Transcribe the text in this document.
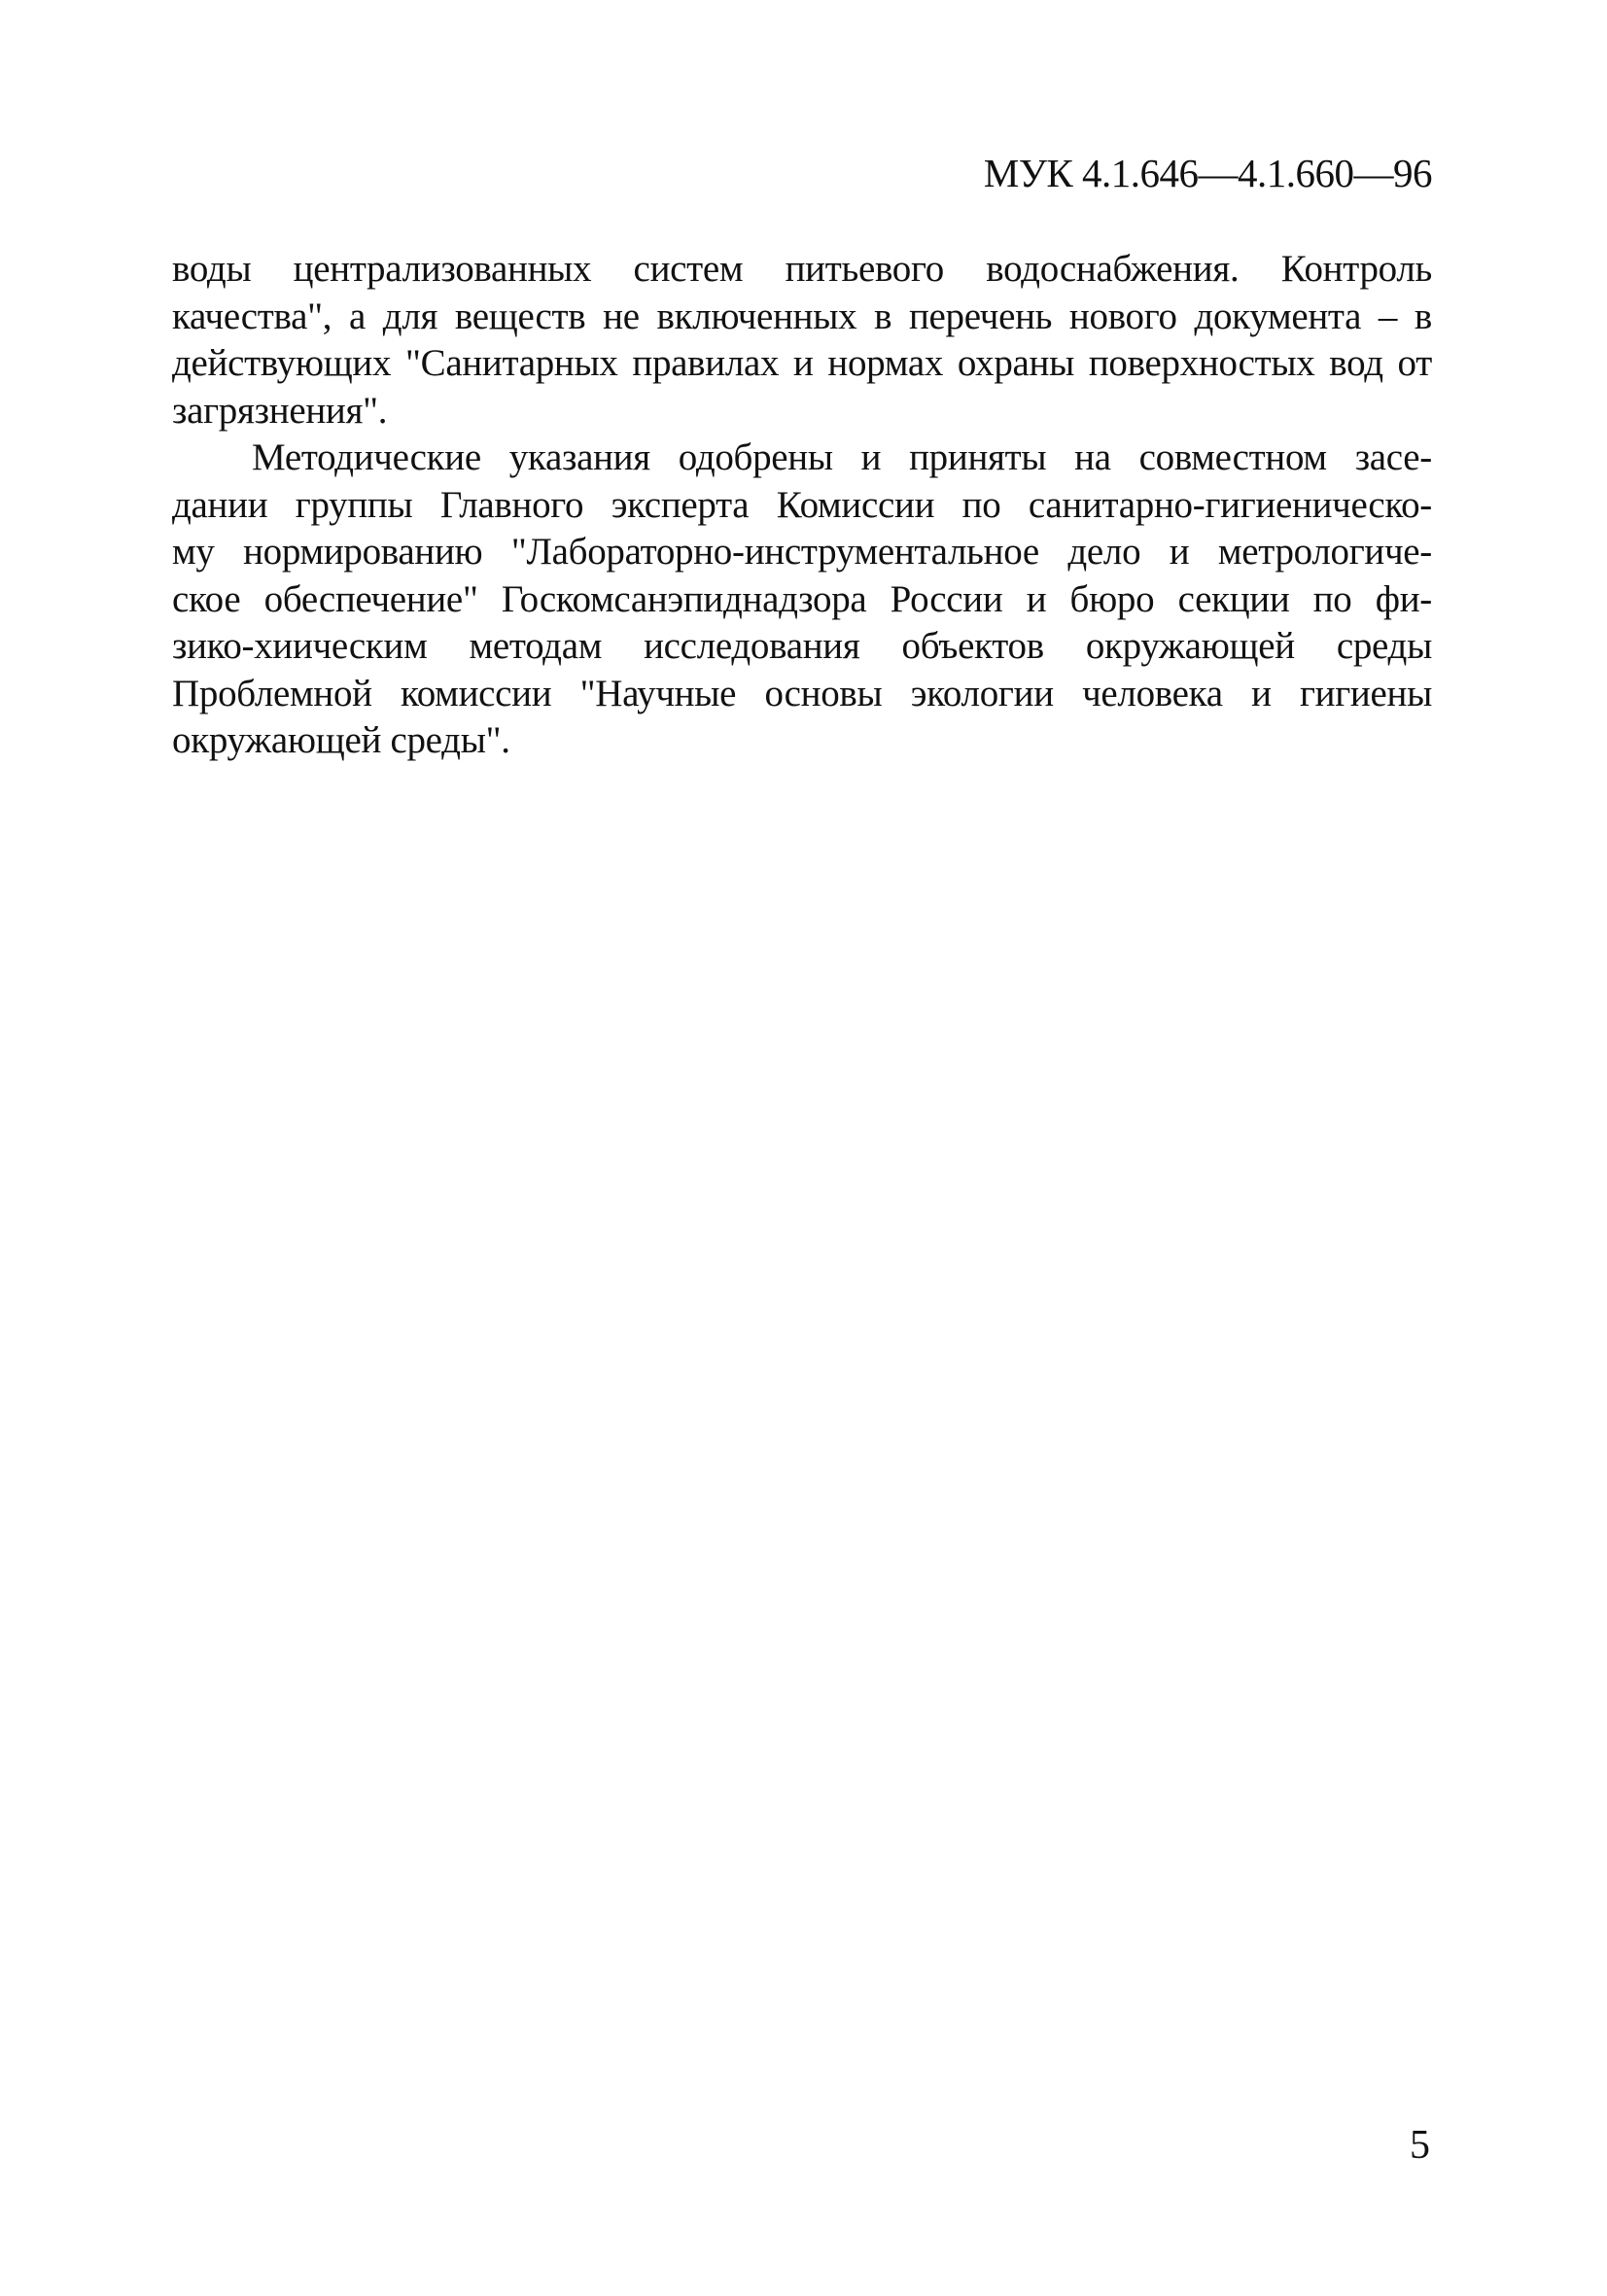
МУК 4.1.646—4.1.660—96
воды централизованных систем питьевого водоснабжения. Контроль
качества", а для веществ не включенных в перечень нового документа – в
действующих "Санитарных правилах и нормах охраны поверхностых вод от
загрязнения".
Методические указания одобрены и приняты на совместном засе-
дании группы Главного эксперта Комиссии по санитарно-гигиеническо-
му нормированию "Лабораторно-инструментальное дело и метрологиче-
ское обеспечение" Госкомсанэпиднадзора России и бюро секции по фи-
зико-хиическим методам исследования объектов окружающей среды
Проблемной комиссии "Научные основы экологии человека и гигиены
окружающей среды".
5
